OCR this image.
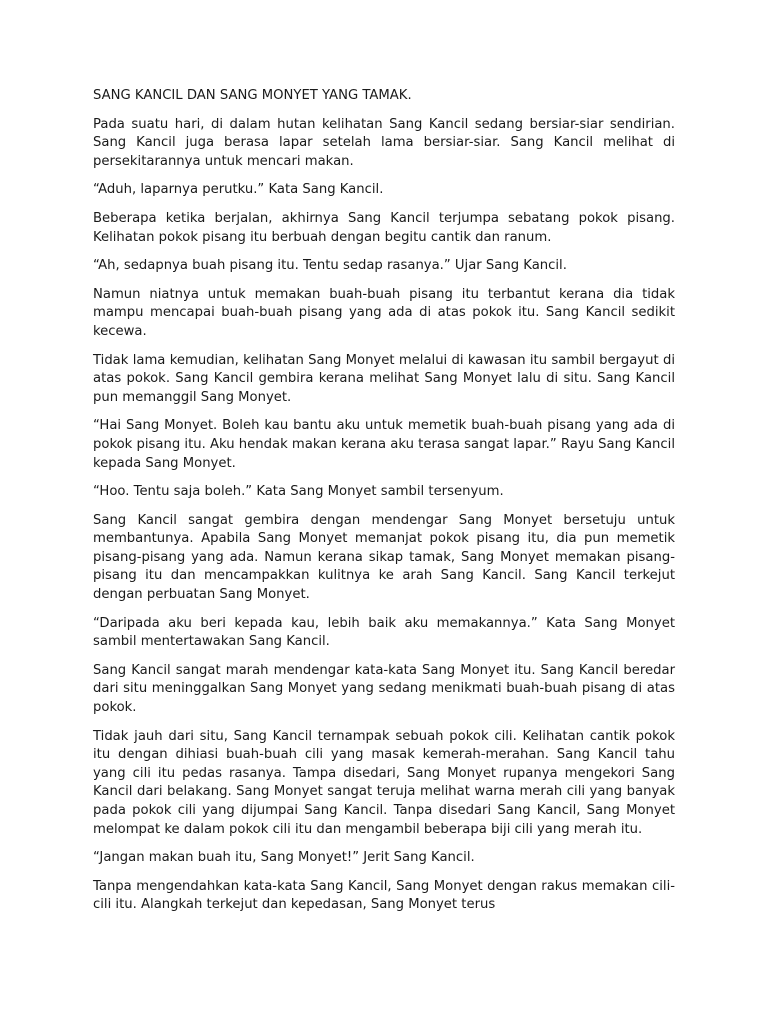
SANG KANCIL DAN SANG MONYET YANG TAMAK.

Pada suatu hari, di dalam hutan kelihatan Sang Kancil sedang bersiar-siar sendirian. Sang Kancil juga berasa lapar setelah lama bersiar-siar. Sang Kancil melihat di persekitarannya untuk mencari makan.

“Aduh, laparnya perutku.” Kata Sang Kancil.

Beberapa ketika berjalan, akhirnya Sang Kancil terjumpa sebatang pokok pisang. Kelihatan pokok pisang itu berbuah dengan begitu cantik dan ranum.

“Ah, sedapnya buah pisang itu. Tentu sedap rasanya.” Ujar Sang Kancil.

Namun niatnya untuk memakan buah-buah pisang itu terbantut kerana dia tidak mampu mencapai buah-buah pisang yang ada di atas pokok itu. Sang Kancil sedikit kecewa.

Tidak lama kemudian, kelihatan Sang Monyet melalui di kawasan itu sambil bergayut di atas pokok. Sang Kancil gembira kerana melihat Sang Monyet lalu di situ. Sang Kancil pun memanggil Sang Monyet.

“Hai Sang Monyet. Boleh kau bantu aku untuk memetik buah-buah pisang yang ada di pokok pisang itu. Aku hendak makan kerana aku terasa sangat lapar.” Rayu Sang Kancil kepada Sang Monyet.

“Hoo. Tentu saja boleh.” Kata Sang Monyet sambil tersenyum.

Sang Kancil sangat gembira dengan mendengar Sang Monyet bersetuju untuk membantunya. Apabila Sang Monyet memanjat pokok pisang itu, dia pun memetik pisang-pisang yang ada. Namun kerana sikap tamak, Sang Monyet memakan pisang-pisang itu dan mencampakkan kulitnya ke arah Sang Kancil. Sang Kancil terkejut dengan perbuatan Sang Monyet.

“Daripada aku beri kepada kau, lebih baik aku memakannya.” Kata Sang Monyet sambil mentertawakan Sang Kancil.

Sang Kancil sangat marah mendengar kata-kata Sang Monyet itu. Sang Kancil beredar dari situ meninggalkan Sang Monyet yang sedang menikmati buah-buah pisang di atas pokok.

Tidak jauh dari situ, Sang Kancil ternampak sebuah pokok cili. Kelihatan cantik pokok itu dengan dihiasi buah-buah cili yang masak kemerah-merahan. Sang Kancil tahu yang cili itu pedas rasanya. Tampa disedari, Sang Monyet rupanya mengekori Sang Kancil dari belakang. Sang Monyet sangat teruja melihat warna merah cili yang banyak pada pokok cili yang dijumpai Sang Kancil. Tanpa disedari Sang Kancil, Sang Monyet melompat ke dalam pokok cili itu dan mengambil beberapa biji cili yang merah itu.

“Jangan makan buah itu, Sang Monyet!” Jerit Sang Kancil.

Tanpa mengendahkan kata-kata Sang Kancil, Sang Monyet dengan rakus memakan cili-cili itu. Alangkah terkejut dan kepedasan, Sang Monyet terus
